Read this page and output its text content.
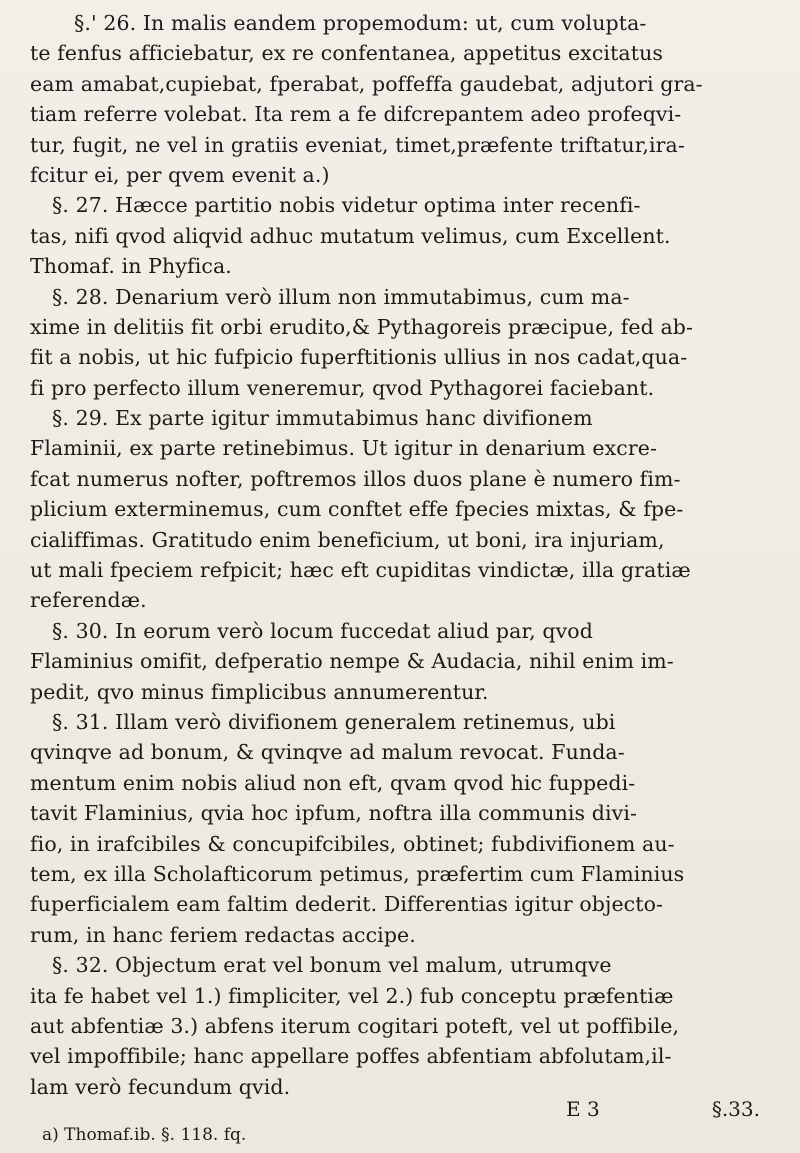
§.' 26. In malis eandem propemodum: ut, cum volupta-
te fenfus afficiebatur, ex re confentanea, appetitus excitatus
eam amabat,cupiebat, fperabat, poffeffa gaudebat, adjutori gra-
tiam referre volebat. Ita rem a fe difcrepantem adeo profeqvi-
tur, fugit, ne vel in gratiis eveniat, timet,præfente triftatur,ira-
fcitur ei, per qvem evenit a.)
§. 27. Hæcce partitio nobis videtur optima inter recenfi-
tas, nifi qvod aliqvid adhuc mutatum velimus, cum Excellent.
Thomaf. in Phyfica.
§. 28. Denarium verò illum non immutabimus, cum ma-
xime in delitiis fit orbi erudito,& Pythagoreis præcipue, fed ab-
fit a nobis, ut hic fufpicio fuperftitionis ullius in nos cadat,qua-
fi pro perfecto illum veneremur, qvod Pythagorei faciebant.
§. 29. Ex parte igitur immutabimus hanc divifionem
Flaminii, ex parte retinebimus. Ut igitur in denarium excre-
fcat numerus nofter, poftremos illos duos plane è numero fim-
plicium exterminemus, cum conftet effe fpecies mixtas, & fpe-
cialiffimas. Gratitudo enim beneficium, ut boni, ira injuriam,
ut mali fpeciem refpicit; hæc eft cupiditas vindictæ, illa gratiæ
referendæ.
§. 30. In eorum verò locum fuccedat aliud par, qvod
Flaminius omifit, defperatio nempe & Audacia, nihil enim im-
pedit, qvo minus fimplicibus annumerentur.
§. 31. Illam verò divifionem generalem retinemus, ubi
qvinqve ad bonum, & qvinqve ad malum revocat. Funda-
mentum enim nobis aliud non eft, qvam qvod hic fuppedi-
tavit Flaminius, qvia hoc ipfum, noftra illa communis divi-
fio, in irafcibiles & concupifcibiles, obtinet; fubdivifionem au-
tem, ex illa Scholafticorum petimus, præfertim cum Flaminius
fuperficialem eam faltim dederit. Differentias igitur objecto-
rum, in hanc feriem redactas accipe.
§. 32. Objectum erat vel bonum vel malum, utrumqve
ita fe habet vel 1.) fimpliciter, vel 2.) fub conceptu præfentiæ
aut abfentiæ 3.) abfens iterum cogitari poteft, vel ut poffibile,
vel impoffibile; hanc appellare poffes abfentiam abfolutam,il-
lam verò fecundum qvid.
E 3	§.33.
a) Thomaf.ib. §. 118. fq.
